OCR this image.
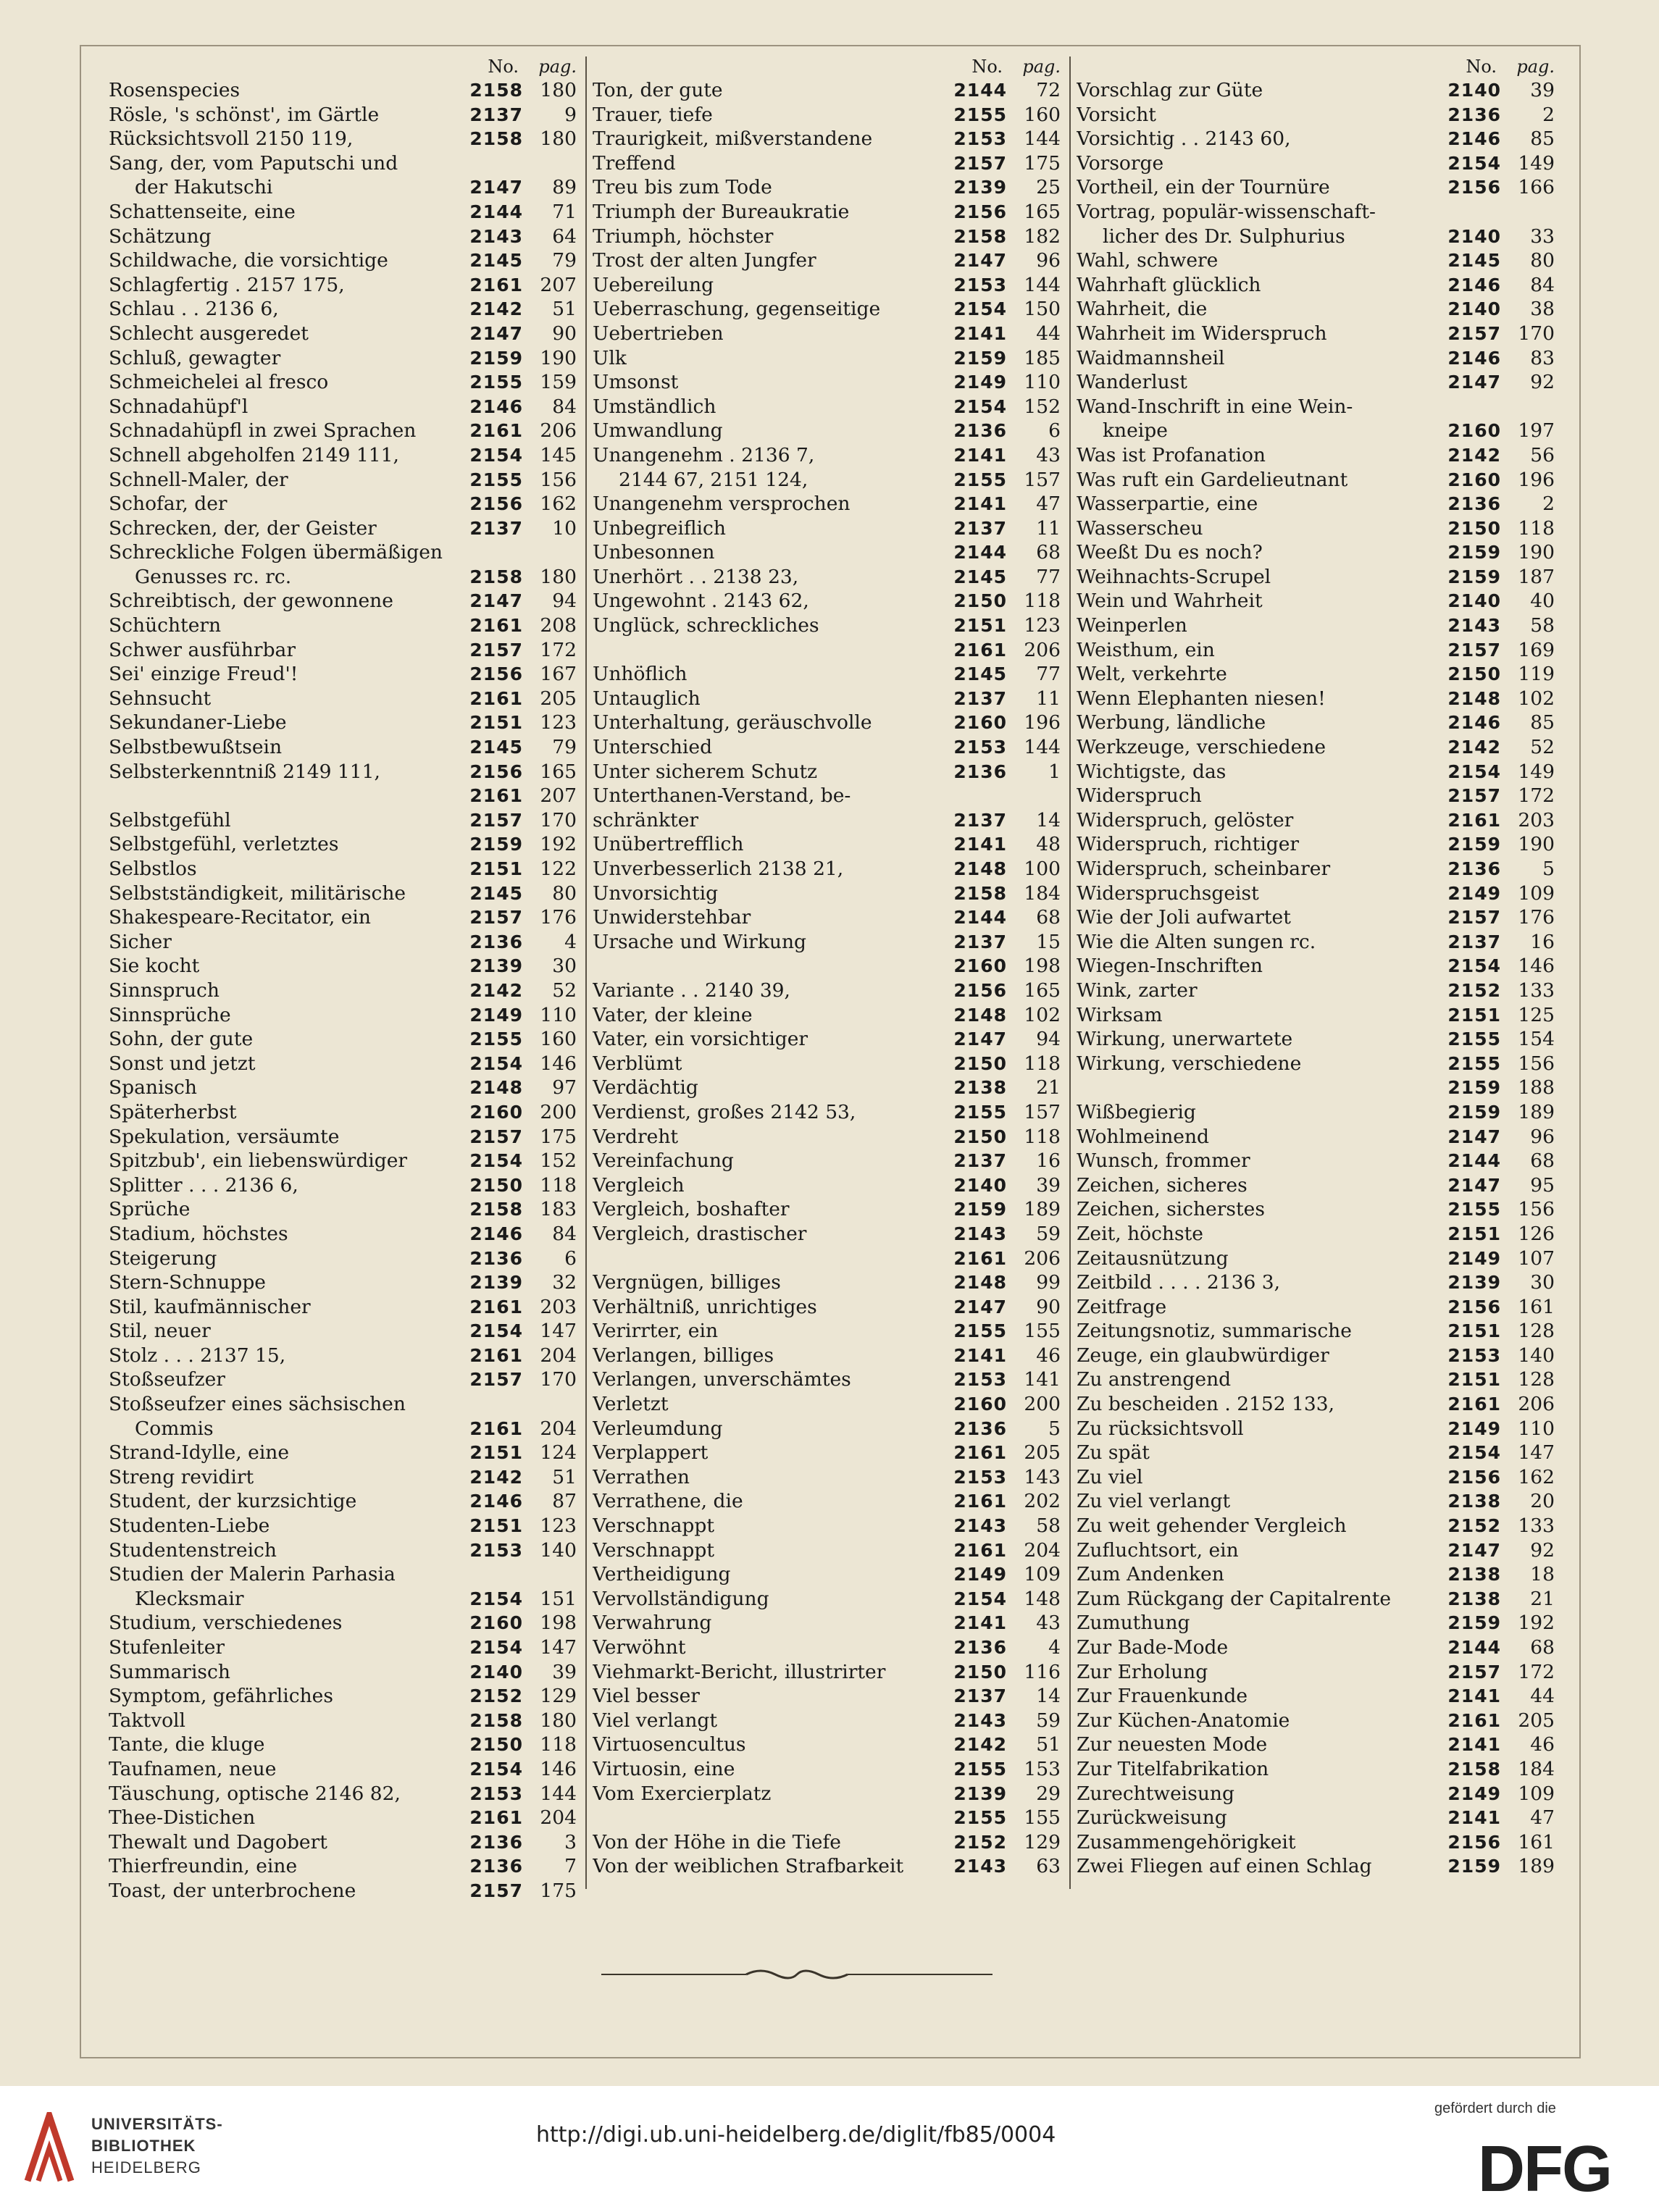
No. pag.
Rosenspecies	2158 180
Rösle, 's schönst', im Gärtle	2137	9
Rücksichtsvoll 2150 119,	2158 180
Sang, der, vom Paputschi und
der Hakutschi	2147	89
Schattenseite, eine	2144	71
Schätzung	2143	64
Schildwache, die vorsichtige	2145	79
Schlagfertig . 2157 175,	2161 207
Schlau . . 2136 6,	2142	51
Schlecht ausgeredet	2147	90
Schluß, gewagter	2159 190
Schmeichelei al fresco	2155 159
Schnadahüpf'l	2146	84
Schnadahüpfl in zwei Sprachen	2161 206
Schnell abgeholfen 2149 111,	2154 145
Schnell-Maler, der	2155 156
Schofar, der	2156 162
Schrecken, der, der Geister	2137	10
Schreckliche Folgen übermäßigen
Genusses rc. rc.	2158 180
Schreibtisch, der gewonnene	2147	94
Schüchtern	2161 208
Schwer ausführbar	2157 172
Sei' einzige Freud'!	2156 167
Sehnsucht	2161 205
Sekundaner-Liebe	2151 123
Selbstbewußtsein	2145	79
Selbsterkenntniß 2149 111,	2156 165
2161 207
Selbstgefühl	2157 170
Selbstgefühl, verletztes	2159 192
Selbstlos	2151 122
Selbstständigkeit, militärische	2145	80
Shakespeare-Recitator, ein	2157 176
Sicher	2136	4
Sie kocht	2139	30
Sinnspruch	2142	52
Sinnsprüche	2149 110
Sohn, der gute	2155 160
Sonst und jetzt	2154 146
Spanisch	2148	97
Späterherbst	2160 200
Spekulation, versäumte	2157 175
Spitzbub', ein liebenswürdiger	2154 152
Splitter . . . 2136 6,	2150 118
Sprüche	2158 183
Stadium, höchstes	2146	84
Steigerung	2136	6
Stern-Schnuppe	2139	32
Stil, kaufmännischer	2161 203
Stil, neuer	2154 147
Stolz . . . 2137 15,	2161 204
Stoßseufzer	2157 170
Stoßseufzer eines sächsischen
Commis	2161 204
Strand-Idylle, eine	2151 124
Streng revidirt	2142	51
Student, der kurzsichtige	2146	87
Studenten-Liebe	2151 123
Studentenstreich	2153 140
Studien der Malerin Parhasia
Klecksmair	2154 151
Studium, verschiedenes	2160 198
Stufenleiter	2154 147
Summarisch	2140	39
Symptom, gefährliches	2152 129
Taktvoll	2158 180
Tante, die kluge	2150 118
Taufnamen, neue	2154 146
Täuschung, optische 2146 82,	2153 144
Thee-Distichen	2161 204
Thewalt und Dagobert	2136	3
Thierfreundin, eine	2136	7
Toast, der unterbrochene	2157 175
No. pag.
Ton, der gute	2144	72
Trauer, tiefe	2155 160
Traurigkeit, mißverstandene	2153 144
Treffend	2157 175
Treu bis zum Tode	2139	25
Triumph der Bureaukratie	2156 165
Triumph, höchster	2158 182
Trost der alten Jungfer	2147	96
Uebereilung	2153 144
Ueberraschung, gegenseitige	2154 150
Uebertrieben	2141	44
Ulk	2159 185
Umsonst	2149 110
Umständlich	2154 152
Umwandlung	2136	6
Unangenehm . 2136 7,	2141	43
2144 67, 2151 124,	2155 157
Unangenehm versprochen	2141	47
Unbegreiflich	2137	11
Unbesonnen	2144	68
Unerhört . . 2138 23,	2145	77
Ungewohnt . 2143 62,	2150 118
Unglück, schreckliches	2151 123
2161 206
Unhöflich	2145	77
Untauglich	2137	11
Unterhaltung, geräuschvolle	2160 196
Unterschied	2153 144
Unter sicherem Schutz	2136	1
Unterthanen-Verstand, be-
schränkter	2137	14
Unübertrefflich	2141	48
Unverbesserlich 2138 21,	2148 100
Unvorsichtig	2158 184
Unwiderstehbar	2144	68
Ursache und Wirkung	2137	15
2160 198
Variante . . 2140 39,	2156 165
Vater, der kleine	2148 102
Vater, ein vorsichtiger	2147	94
Verblümt	2150 118
Verdächtig	2138	21
Verdienst, großes 2142 53,	2155 157
Verdreht	2150 118
Vereinfachung	2137	16
Vergleich	2140	39
Vergleich, boshafter	2159 189
Vergleich, drastischer	2143	59
2161 206
Vergnügen, billiges	2148	99
Verhältniß, unrichtiges	2147	90
Verirrter, ein	2155 155
Verlangen, billiges	2141	46
Verlangen, unverschämtes	2153 141
Verletzt	2160 200
Verleumdung	2136	5
Verplappert	2161 205
Verrathen	2153 143
Verrathene, die	2161 202
Verschnappt	2143	58
Verschnappt	2161 204
Vertheidigung	2149 109
Vervollständigung	2154 148
Verwahrung	2141	43
Verwöhnt	2136	4
Viehmarkt-Bericht, illustrirter	2150 116
Viel besser	2137	14
Viel verlangt	2143	59
Virtuosencultus	2142	51
Virtuosin, eine	2155 153
Vom Exercierplatz	2139	29
2155 155
Von der Höhe in die Tiefe	2152 129
Von der weiblichen Strafbarkeit	2143	63
No. pag.
Vorschlag zur Güte	2140	39
Vorsicht	2136	2
Vorsichtig . . 2143 60,	2146	85
Vorsorge	2154 149
Vortheil, ein der Tournüre	2156 166
Vortrag, populär-wissenschaft-
licher des Dr. Sulphurius	2140	33
Wahl, schwere	2145	80
Wahrhaft glücklich	2146	84
Wahrheit, die	2140	38
Wahrheit im Widerspruch	2157 170
Waidmannsheil	2146	83
Wanderlust	2147	92
Wand-Inschrift in eine Wein-
kneipe	2160 197
Was ist Profanation	2142	56
Was ruft ein Gardelieutnant	2160 196
Wasserpartie, eine	2136	2
Wasserscheu	2150 118
Weeßt Du es noch?	2159 190
Weihnachts-Scrupel	2159 187
Wein und Wahrheit	2140	40
Weinperlen	2143	58
Weisthum, ein	2157 169
Welt, verkehrte	2150 119
Wenn Elephanten niesen!	2148 102
Werbung, ländliche	2146	85
Werkzeuge, verschiedene	2142	52
Wichtigste, das	2154 149
Widerspruch	2157 172
Widerspruch, gelöster	2161 203
Widerspruch, richtiger	2159 190
Widerspruch, scheinbarer	2136	5
Widerspruchsgeist	2149 109
Wie der Joli aufwartet	2157 176
Wie die Alten sungen rc.	2137	16
Wiegen-Inschriften	2154 146
Wink, zarter	2152 133
Wirksam	2151 125
Wirkung, unerwartete	2155 154
Wirkung, verschiedene	2155 156
2159 188
Wißbegierig	2159 189
Wohlmeinend	2147	96
Wunsch, frommer	2144	68
Zeichen, sicheres	2147	95
Zeichen, sicherstes	2155 156
Zeit, höchste	2151 126
Zeitausnützung	2149 107
Zeitbild . . . . 2136 3,	2139	30
Zeitfrage	2156 161
Zeitungsnotiz, summarische	2151 128
Zeuge, ein glaubwürdiger	2153 140
Zu anstrengend	2151 128
Zu bescheiden . 2152 133,	2161 206
Zu rücksichtsvoll	2149 110
Zu spät	2154 147
Zu viel	2156 162
Zu viel verlangt	2138	20
Zu weit gehender Vergleich	2152 133
Zufluchtsort, ein	2147	92
Zum Andenken	2138	18
Zum Rückgang der Capitalrente	2138	21
Zumuthung	2159 192
Zur Bade-Mode	2144	68
Zur Erholung	2157 172
Zur Frauenkunde	2141	44
Zur Küchen-Anatomie	2161 205
Zur neuesten Mode	2141	46
Zur Titelfabrikation	2158 184
Zurechtweisung	2149 109
Zurückweisung	2141	47
Zusammengehörigkeit	2156 161
Zwei Fliegen auf einen Schlag	2159 189
UNIVERSITÄTS-
BIBLIOTHEK
HEIDELBERG
http://digi.ub.uni-heidelberg.de/diglit/fb85/0004
gefördert durch die
DFG
